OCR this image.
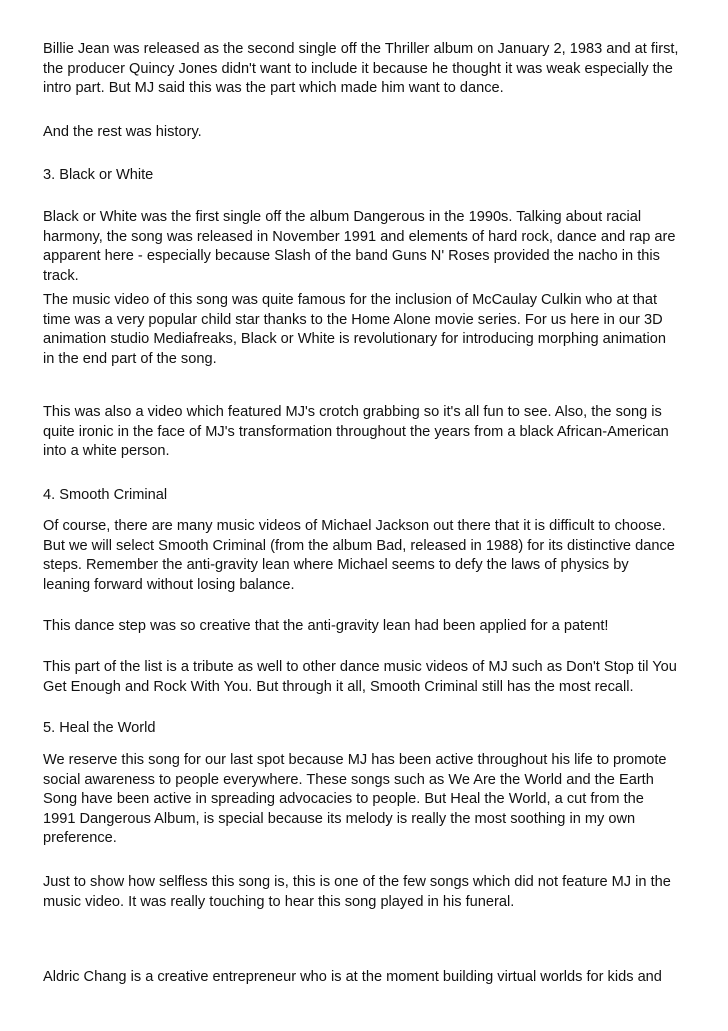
Billie Jean was released as the second single off the Thriller album on January 2, 1983 and at first,
the producer Quincy Jones didn't want to include it because he thought it was weak especially the
intro part. But MJ said this was the part which made him want to dance.

And the rest was history.

3. Black or White

Black or White was the first single off the album Dangerous in the 1990s. Talking about racial
harmony, the song was released in November 1991 and elements of hard rock, dance and rap are
apparent here - especially because Slash of the band Guns N' Roses provided the nacho in this
track.

The music video of this song was quite famous for the inclusion of McCaulay Culkin who at that
time was a very popular child star thanks to the Home Alone movie series. For us here in our 3D
animation studio Mediafreaks, Black or White is revolutionary for introducing morphing animation
in the end part of the song.

This was also a video which featured MJ's crotch grabbing so it's all fun to see. Also, the song is
quite ironic in the face of MJ's transformation throughout the years from a black African-American
into a white person.

4. Smooth Criminal

Of course, there are many music videos of Michael Jackson out there that it is difficult to choose.
But we will select Smooth Criminal (from the album Bad, released in 1988) for its distinctive dance
steps. Remember the anti-gravity lean where Michael seems to defy the laws of physics by
leaning forward without losing balance.

This dance step was so creative that the anti-gravity lean had been applied for a patent!

This part of the list is a tribute as well to other dance music videos of MJ such as Don't Stop til You
Get Enough and Rock With You. But through it all, Smooth Criminal still has the most recall.

5. Heal the World

We reserve this song for our last spot because MJ has been active throughout his life to promote
social awareness to people everywhere. These songs such as We Are the World and the Earth
Song have been active in spreading advocacies to people. But Heal the World, a cut from the
1991 Dangerous Album, is special because its melody is really the most soothing in my own
preference.

Just to show how selfless this song is, this is one of the few songs which did not feature MJ in the
music video. It was really touching to hear this song played in his funeral.

Aldric Chang is a creative entrepreneur who is at the moment building virtual worlds for kids and
